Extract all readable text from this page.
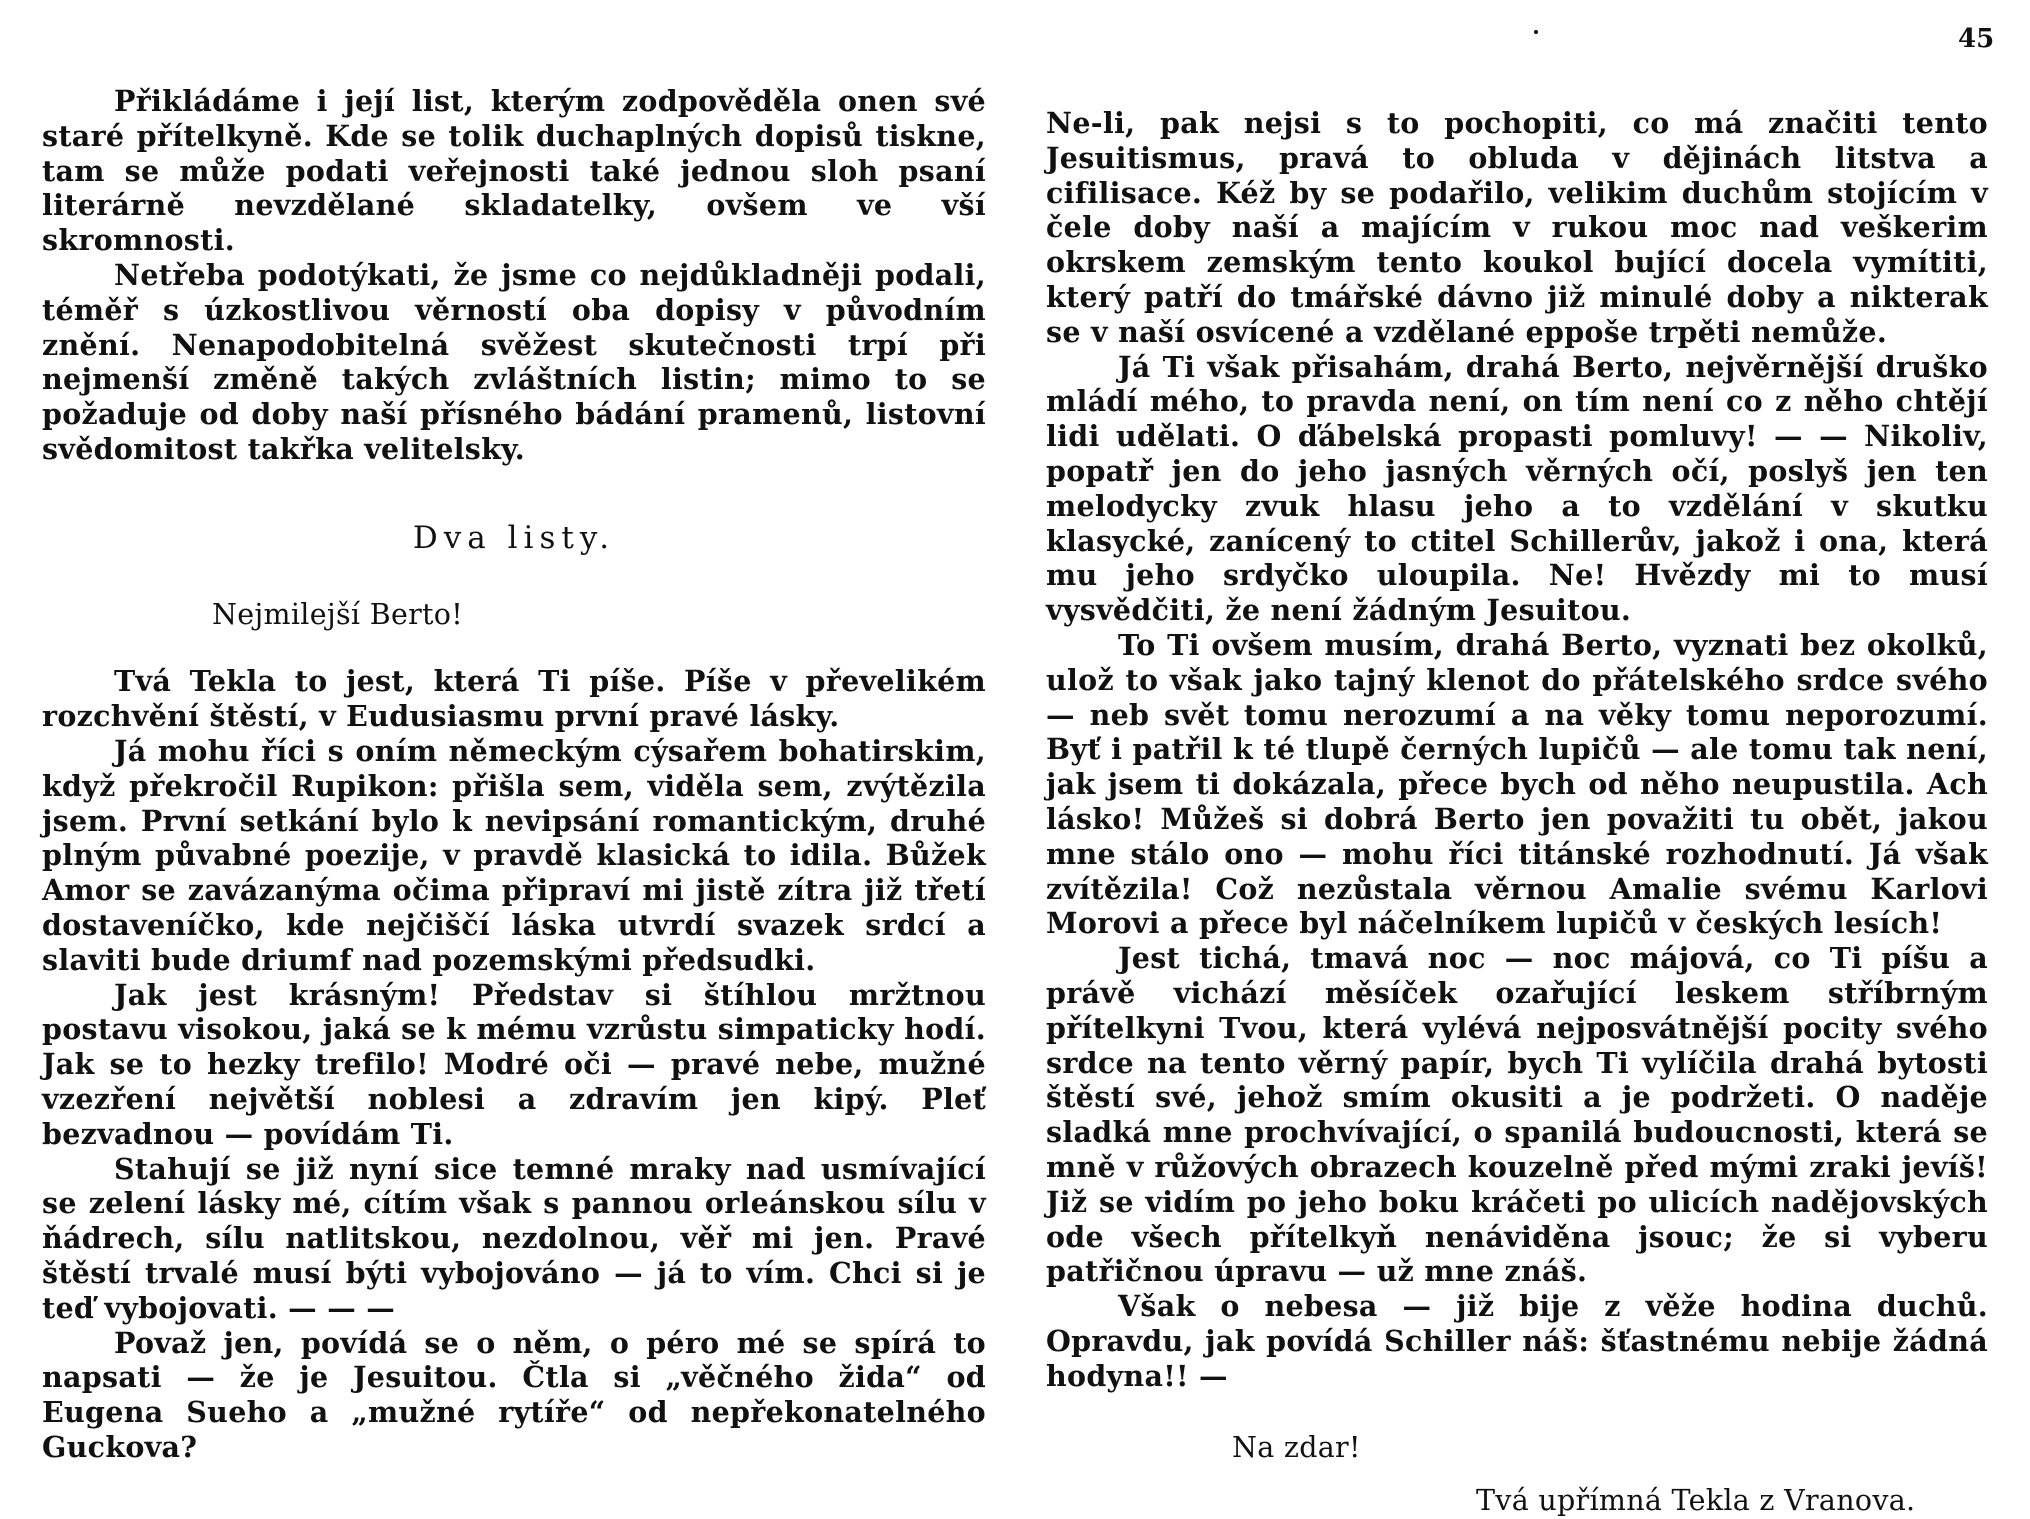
45

Přikládáme i její list, kterým zodpověděla onen své staré přítelkyně. Kde se tolik duchaplných dopisů tiskne, tam se může podati veřejnosti také jednou sloh psaní literárně nevzdělané skladatelky, ovšem ve vší skromnosti.

Netřeba podotýkati, že jsme co nejdůkladněji podali, téměř s úzkostlivou věrností oba dopisy v původním znění. Nenapodobitelná svěžest skutečnosti trpí při nejmenší změně takých zvláštních listin; mimo to se požaduje od doby naší přísného bádání pramenů, listovní svědomitost takřka velitelsky.

Dva listy.

Nejmilejší Berto!

Tvá Tekla to jest, která Ti píše. Píše v převelikém rozchvění štěstí, v Eudusiasmu první pravé lásky.

Já mohu říci s oním německým cýsařem bohatirskim, když překročil Rupikon: přišla sem, viděla sem, zvýtězila jsem. První setkání bylo k nevipsání romantickým, druhé plným půvabné poezije, v pravdě klasická to idila. Bůžek Amor se zavázanýma očima připraví mi jistě zítra již třetí dostaveníčko, kde nejčiščí láska utvrdí svazek srdcí a slaviti bude driumf nad pozemskými předsudki.

Jak jest krásným! Představ si štíhlou mržtnou postavu visokou, jaká se k mému vzrůstu simpaticky hodí. Jak se to hezky trefilo! Modré oči — pravé nebe, mužné vzezření největší noblesi a zdravím jen kipý. Pleť bezvadnou — povídám Ti.

Stahují se již nyní sice temné mraky nad usmívající se zelení lásky mé, cítím však s pannou orleánskou sílu v ňádrech, sílu natlitskou, nezdolnou, věř mi jen. Pravé štěstí trvalé musí býti vybojováno — já to vím. Chci si je teď vybojovati. — — —

Považ jen, povídá se o něm, o péro mé se spírá to napsati — že je Jesuitou. Čtla si „věčného žida“ od Eugena Sueho a „mužné rytíře“ od nepřekonatelného Guckova?

Ne-li, pak nejsi s to pochopiti, co má značiti tento Jesuitismus, pravá to obluda v dějinách litstva a cifilisace. Kéž by se podařilo, velikim duchům stojícím v čele doby naší a majícím v rukou moc nad veškerim okrskem zemským tento koukol bující docela vymítiti, který patří do tmářské dávno již minulé doby a nikterak se v naší osvícené a vzdělané eppoše trpěti nemůže.

Já Ti však přisahám, drahá Berto, nejvěrnější druško mládí mého, to pravda není, on tím není co z něho chtějí lidi udělati. O ďábelská propasti pomluvy! — — Nikoliv, popatř jen do jeho jasných věrných očí, poslyš jen ten melodycky zvuk hlasu jeho a to vzdělání v skutku klasycké, zanícený to ctitel Schillerův, jakož i ona, která mu jeho srdyčko uloupila. Ne! Hvězdy mi to musí vysvědčiti, že není žádným Jesuitou.

To Ti ovšem musím, drahá Berto, vyznati bez okolků, ulož to však jako tajný klenot do přátelského srdce svého — neb svět tomu nerozumí a na věky tomu neporozumí. Byť i patřil k té tlupě černých lupičů — ale tomu tak není, jak jsem ti dokázala, přece bych od něho neupustila. Ach lásko! Můžeš si dobrá Berto jen považiti tu obět, jakou mne stálo ono — mohu říci titánské rozhodnutí. Já však zvítězila! Což nezůstala věrnou Amalie svému Karlovi Morovi a přece byl náčelníkem lupičů v českých lesích!

Jest tichá, tmavá noc — noc májová, co Ti píšu a právě vichází měsíček ozařující leskem stříbrným přítelkyni Tvou, která vylévá nejposvátnější pocity svého srdce na tento věrný papír, bych Ti vylíčila drahá bytosti štěstí své, jehož smím okusiti a je podržeti. O naděje sladká mne prochvívající, o spanilá budoucnosti, která se mně v růžových obrazech kouzelně před mými zraki jevíš! Již se vidím po jeho boku kráčeti po ulicích nadějovských ode všech přítelkyň nenáviděna jsouc; že si vyberu patřičnou úpravu — už mne znáš.

Však o nebesa — již bije z věže hodina duchů. Opravdu, jak povídá Schiller náš: šťastnému nebije žádná hodyna!! —

Na zdar!

Tvá upřímná Tekla z Vranova.
